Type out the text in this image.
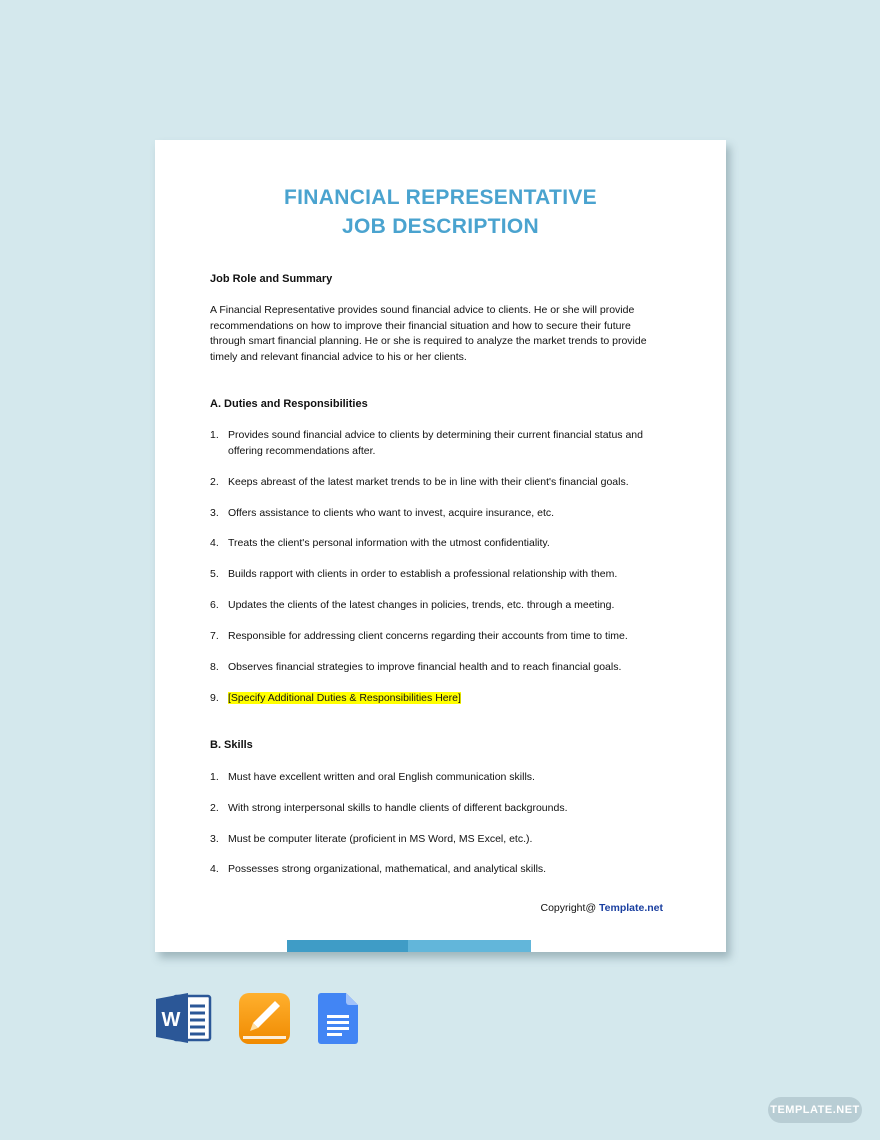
FINANCIAL REPRESENTATIVE
JOB DESCRIPTION
Job Role and Summary
A Financial Representative provides sound financial advice to clients. He or she will provide recommendations on how to improve their financial situation and how to secure their future through smart financial planning. He or she is required to analyze the market trends to provide timely and relevant financial advice to his or her clients.
A. Duties and Responsibilities
1. Provides sound financial advice to clients by determining their current financial status and offering recommendations after.
2. Keeps abreast of the latest market trends to be in line with their client's financial goals.
3. Offers assistance to clients who want to invest, acquire insurance, etc.
4. Treats the client's personal information with the utmost confidentiality.
5. Builds rapport with clients in order to establish a professional relationship with them.
6. Updates the clients of the latest changes in policies, trends, etc. through a meeting.
7. Responsible for addressing client concerns regarding their accounts from time to time.
8. Observes financial strategies to improve financial health and to reach financial goals.
9. [Specify Additional Duties & Responsibilities Here]
B. Skills
1. Must have excellent written and oral English communication skills.
2. With strong interpersonal skills to handle clients of different backgrounds.
3. Must be computer literate (proficient in MS Word, MS Excel, etc.).
4. Possesses strong organizational, mathematical, and analytical skills.
Copyright@ Template.net
W
TEMPLATE.NET
